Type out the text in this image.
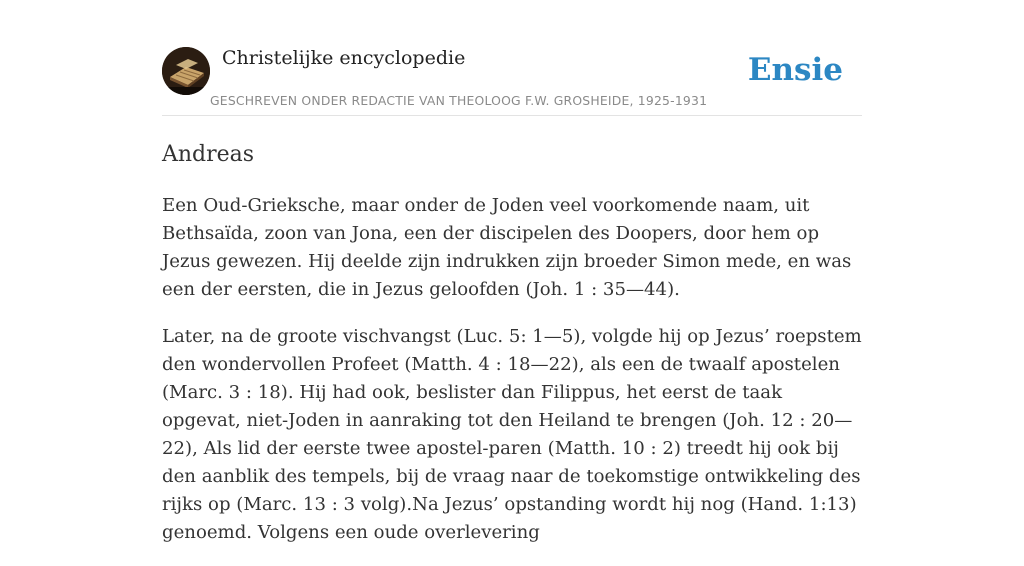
Christelijke encyclopedie
GESCHREVEN ONDER REDACTIE VAN THEOLOOG F.W. GROSHEIDE, 1925-1931
Ensie
Andreas

Een Oud-Grieksche, maar onder de Joden veel voorkomende naam, uit Bethsaïda, zoon van Jona, een der discipelen des Doopers, door hem op Jezus gewezen. Hij deelde zijn indrukken zijn broeder Simon mede, en was een der eersten, die in Jezus geloofden (Joh. 1 : 35—44).

Later, na de groote vischvangst (Luc. 5: 1—5), volgde hij op Jezus’ roepstem den wondervollen Profeet (Matth. 4 : 18—22), als een de twaalf apostelen (Marc. 3 : 18). Hij had ook, beslister dan Filippus, het eerst de taak opgevat, niet-Joden in aanraking tot den Heiland te brengen (Joh. 12 : 20—22), Als lid der eerste twee apostel-paren (Matth. 10 : 2) treedt hij ook bij den aanblik des tempels, bij de vraag naar de toekomstige ontwikkeling des rijks op (Marc. 13 : 3 volg).Na Jezus’ opstanding wordt hij nog (Hand. 1:13) genoemd. Volgens een oude overlevering
